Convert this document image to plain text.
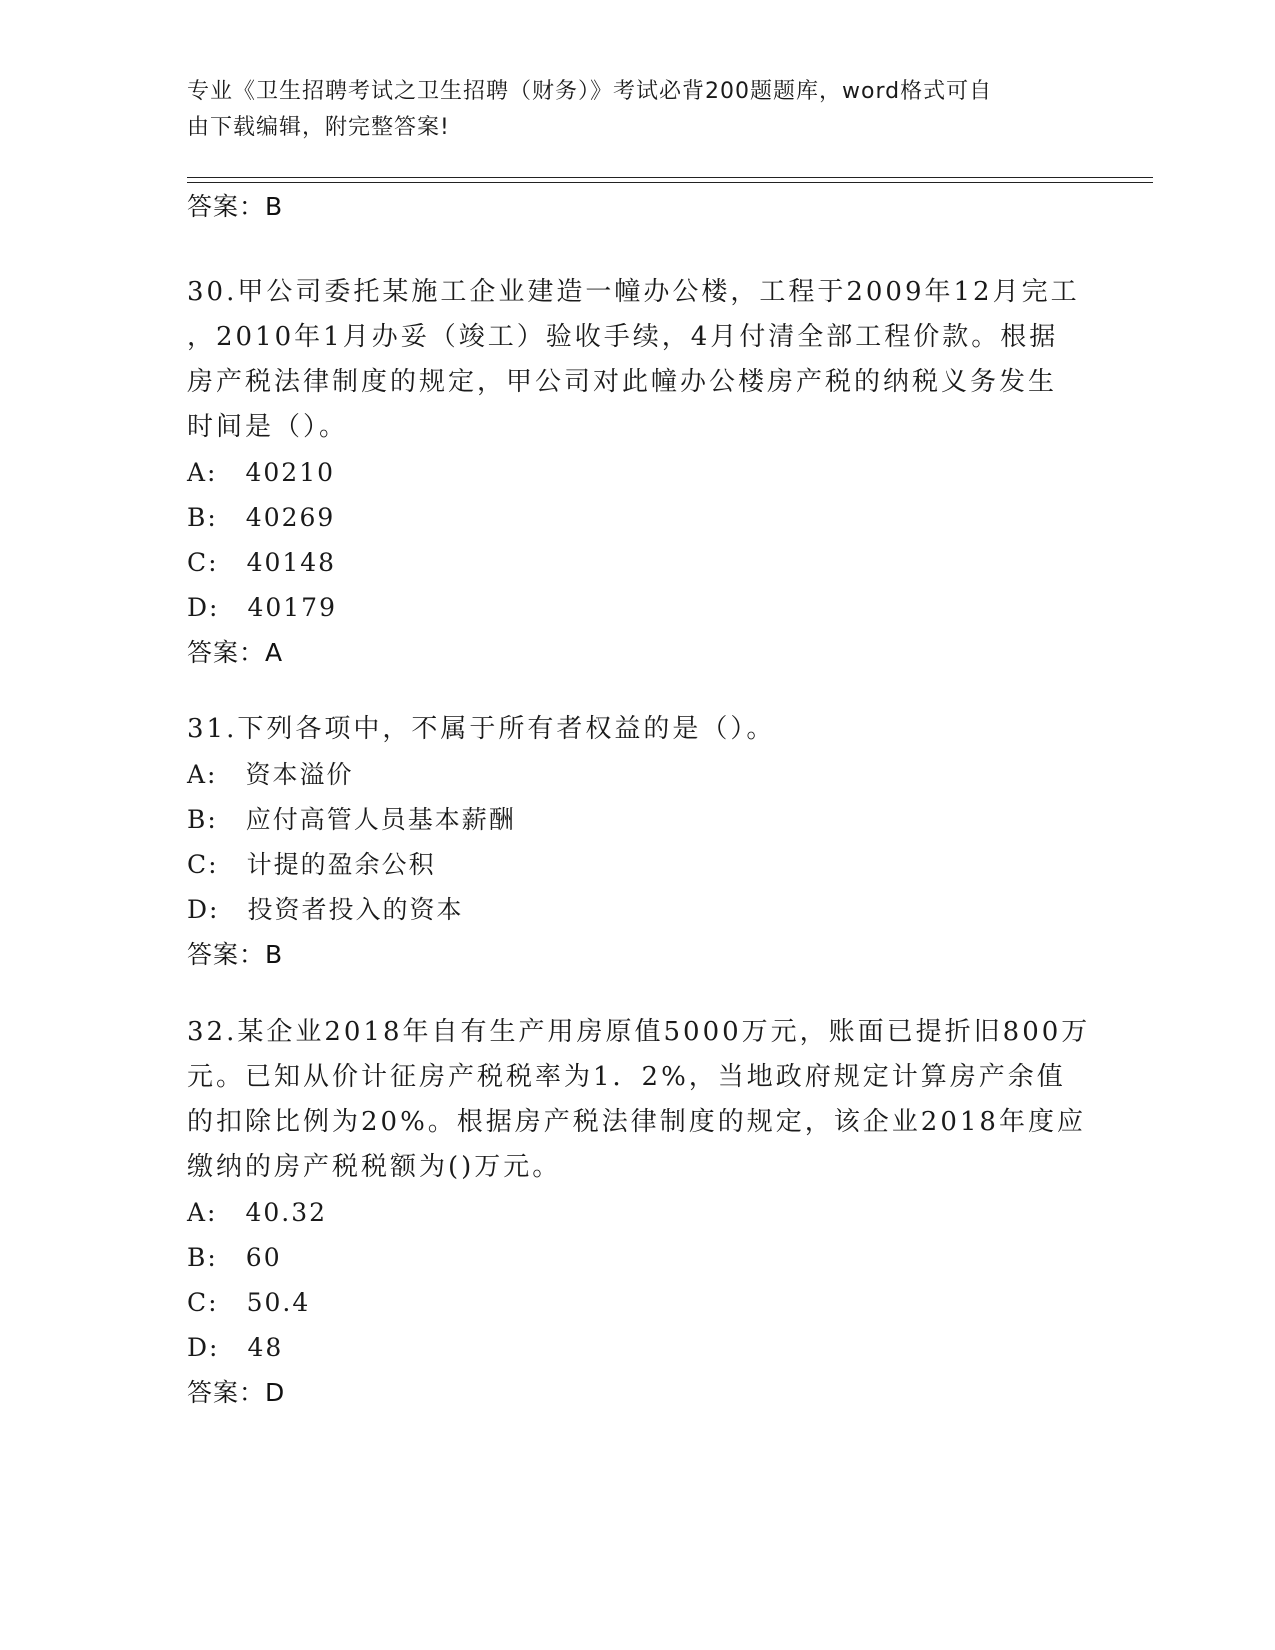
专业《卫生招聘考试之卫生招聘（财务）》考试必背200题题库，word格式可自
由下载编辑，附完整答案!
答案：B
30.甲公司委托某施工企业建造一幢办公楼，工程于2009年12月完工
，2010年1月办妥（竣工）验收手续，4月付清全部工程价款。根据
房产税法律制度的规定，甲公司对此幢办公楼房产税的纳税义务发生
时间是（）。
A: 40210
B: 40269
C: 40148
D: 40179
答案：A
31.下列各项中，不属于所有者权益的是（）。
A: 资本溢价
B: 应付高管人员基本薪酬
C: 计提的盈余公积
D: 投资者投入的资本
答案：B
32.某企业2018年自有生产用房原值5000万元，账面已提折旧800万
元。已知从价计征房产税税率为1．2%，当地政府规定计算房产余值
的扣除比例为20%。根据房产税法律制度的规定，该企业2018年度应
缴纳的房产税税额为()万元。
A: 40.32
B: 60
C: 50.4
D: 48
答案：D
